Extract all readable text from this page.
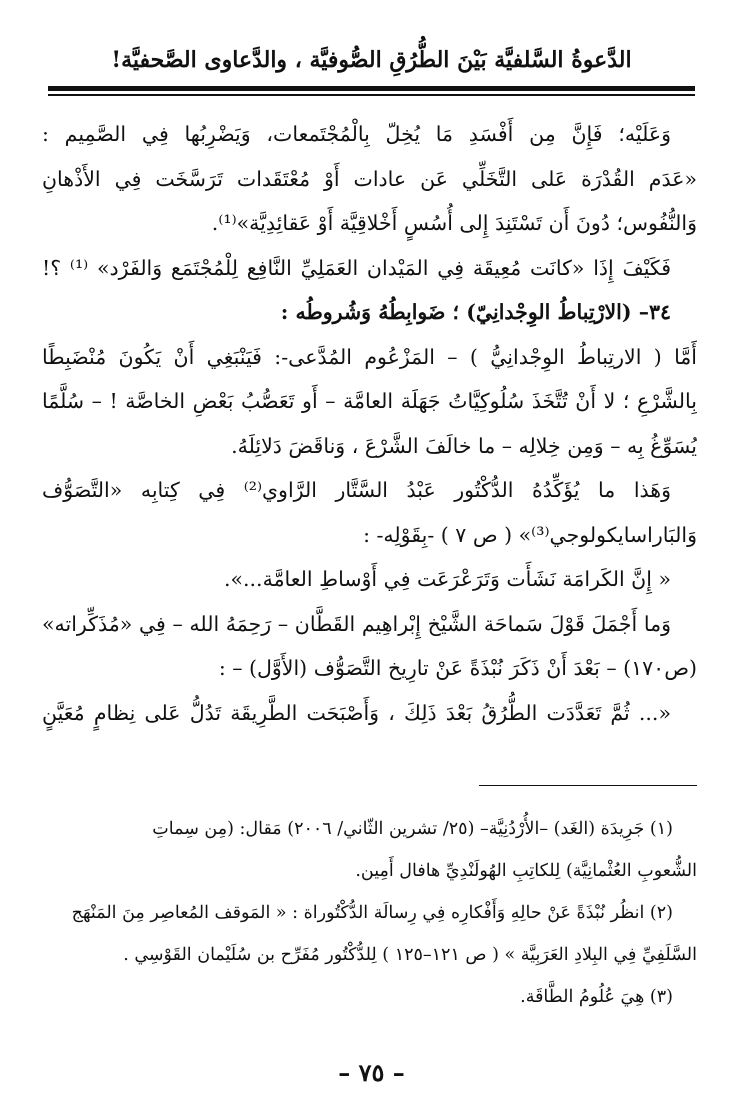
الدَّعوةُ السَّلفيَّة بَيْنَ الطُّرُقِ الصُّوفيَّة ، والدَّعاوى الصَّحفيَّة!
وَعَلَيْه؛ فَإِنَّ مِن أَفْسَدِ مَا يُخِلّ بِالْمُجْتَمعات، وَيَضْرِبُها فِي الصَّمِيم :
«عَدَم القُدْرَة عَلى التَّخَلِّي عَن عادات أَوْ مُعْتَقَدات تَرَسَّخَت فِي الأَذْهانِ
وَالنُّفُوس؛ دُونَ أَن تَسْتَنِدَ إِلى أُسُسٍ أَخْلاقِيَّة أَوْ عَقائِدِيَّة»⁽¹⁾.
فَكَيْفَ إِذَا «كانَت مُعِيقَة فِي المَيْدان العَمَلِيِّ النَّافِع لِلْمُجْتَمَع وَالفَرْد» ⁽¹⁾ ؟!
٣٤– (الارْتِباطُ الوِجْدانِيّ) ؛ ضَوابِطُهُ وَشُروطُه :
أَمَّا ( الارتِباطُ الوِجْدانِيُّ ) – المَزْعُوم المُدَّعى-: فَيَنْبَغِي أَنْ يَكُونَ مُنْضَبِطًا
بِالشَّرْعِ ؛ لا أَنْ تُتَّخَذَ سُلُوكِيَّاتُ جَهَلَة العامَّة – أَو تَعَصُّبُ بَعْضِ الخاصَّة ! – سُلَّمًا
يُسَوِّغُ بِه – وَمِن خِلالِه – ما خالَفَ الشَّرْعَ ، وَناقَضَ دَلائِلَهُ.
وَهَذا ما يُؤَكِّدُهُ الدُّكْتُور عَبْدُ السَّتَّار الرَّاوي⁽²⁾ فِي كِتابِه «التَّصَوُّف
وَالبَاراسايكولوجي⁽³⁾» ( ص ٧ ) -بِقَوْلِه- :
« إِنَّ الكَرامَة نَشَأَت وَتَرَعْرَعَت فِي أَوْساطِ العامَّة...».
وَما أَجْمَلَ قَوْلَ سَماحَة الشَّيْخ إِبْراهِيم القَطَّان – رَحِمَهُ الله – فِي «مُذَكِّراته»
(ص١٧٠) – بَعْدَ أَنْ ذَكَرَ نُبْذَةً عَنْ تارِيخ التَّصَوُّف (الأَوَّل) – :
«... ثُمَّ تَعَدَّدَت الطُّرُقُ بَعْدَ ذَلِكَ ، وَأَصْبَحَت الطَّرِيقَة تَدُلُّ عَلى نِظامٍ مُعَيَّنٍ
(١) جَرِيدَة (الغَد) –الأُرْدُنِيَّة– (٢٥/ تشرين الثّاني/ ٢٠٠٦) مَقال: (مِن سِماتِ
الشُّعوبِ العُثْمانِيَّة) لِلكاتِبِ الهُولَنْدِيِّ هافال أَمِين.
(٢) انظُر نُبْذَةً عَنْ حالِهِ وَأَفْكارِه فِي رِسالَة الدُّكْتُوراة : « المَوقف المُعاصِر مِنَ المَنْهَج
السَّلَفِيِّ فِي البِلادِ العَرَبِيَّة » ( ص ١٢١–١٢٥ ) لِلدُّكْتُور مُفَرِّح بن سُلَيْمان القَوْسِي .
(٣) هِيَ عُلُومُ الطَّاقَة.
– ٧٥ –
